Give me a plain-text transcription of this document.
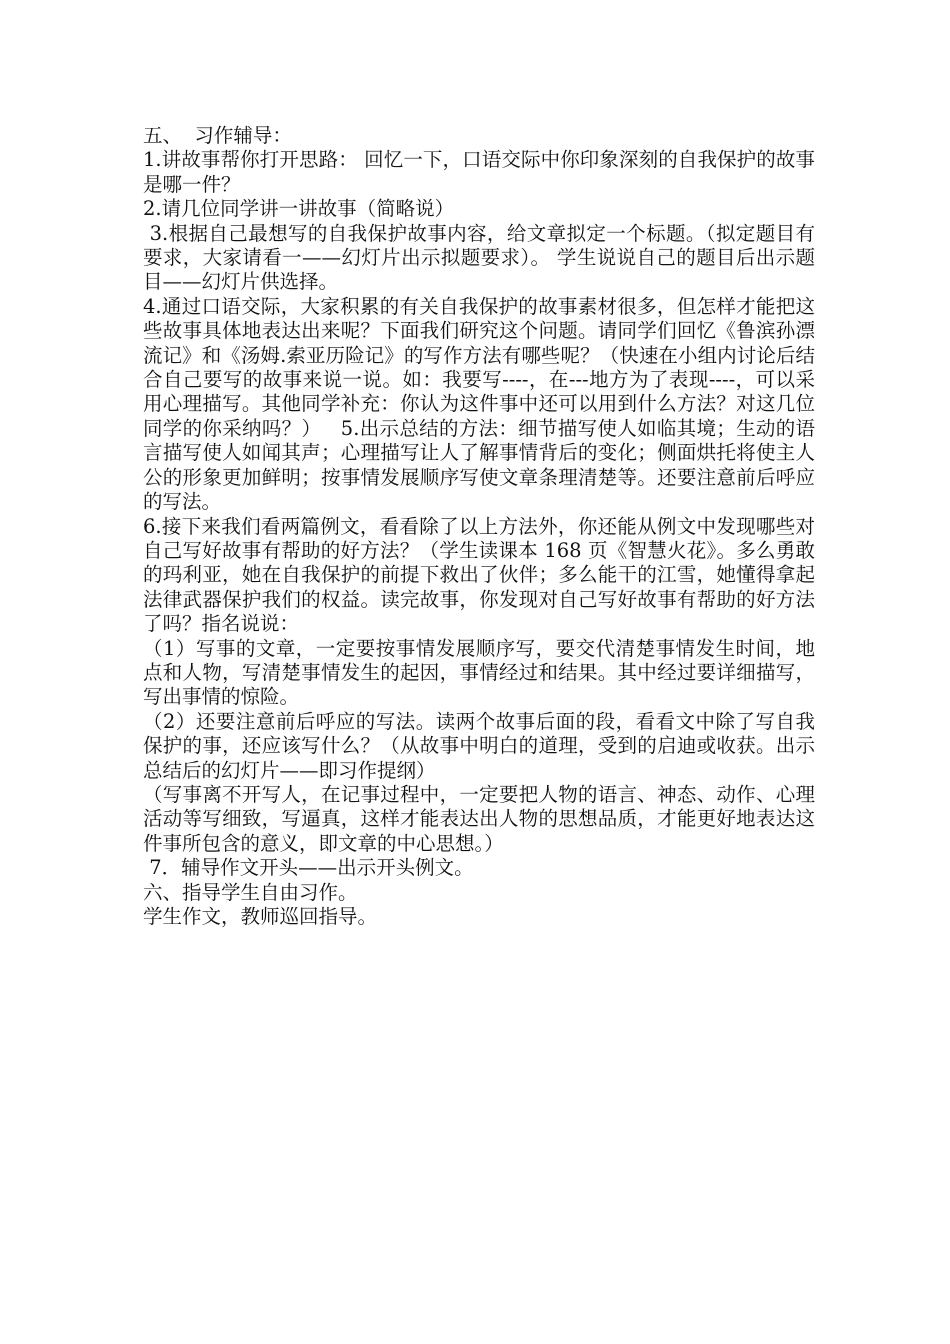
五、  习作辅导：

1.讲故事帮你打开思路： 回忆一下，口语交际中你印象深刻的自我保护的故事是哪一件？

2.请几位同学讲一讲故事（简略说）

3.根据自己最想写的自我保护故事内容，给文章拟定一个标题。（拟定题目有要求，大家请看一——幻灯片出示拟题要求）。 学生说说自己的题目后出示题目——幻灯片供选择。

4.通过口语交际，大家积累的有关自我保护的故事素材很多，但怎样才能把这些故事具体地表达出来呢？下面我们研究这个问题。请同学们回忆《鲁滨孙漂流记》和《汤姆.索亚历险记》的写作方法有哪些呢？（快速在小组内讨论后结合自己要写的故事来说一说。如：我要写----，在---地方为了表现----，可以采用心理描写。其他同学补充：你认为这件事中还可以用到什么方法？对这几位同学的你采纳吗？）   5.出示总结的方法：细节描写使人如临其境；生动的语言描写使人如闻其声；心理描写让人了解事情背后的变化；侧面烘托将使主人公的形象更加鲜明；按事情发展顺序写使文章条理清楚等。还要注意前后呼应的写法。

6.接下来我们看两篇例文，看看除了以上方法外，你还能从例文中发现哪些对自己写好故事有帮助的好方法？（学生读课本 168 页《智慧火花》。多么勇敢的玛利亚，她在自我保护的前提下救出了伙伴；多么能干的江雪，她懂得拿起法律武器保护我们的权益。读完故事，你发现对自己写好故事有帮助的好方法了吗？指名说说：

（1）写事的文章，一定要按事情发展顺序写，要交代清楚事情发生时间，地点和人物，写清楚事情发生的起因，事情经过和结果。其中经过要详细描写，写出事情的惊险。

（2）还要注意前后呼应的写法。读两个故事后面的段，看看文中除了写自我保护的事，还应该写什么？（从故事中明白的道理，受到的启迪或收获。出示总结后的幻灯片——即习作提纲）

（写事离不开写人，在记事过程中，一定要把人物的语言、神态、动作、心理活动等写细致，写逼真，这样才能表达出人物的思想品质，才能更好地表达这件事所包含的意义，即文章的中心思想。）

7．辅导作文开头——出示开头例文。

六、指导学生自由习作。

学生作文，教师巡回指导。
